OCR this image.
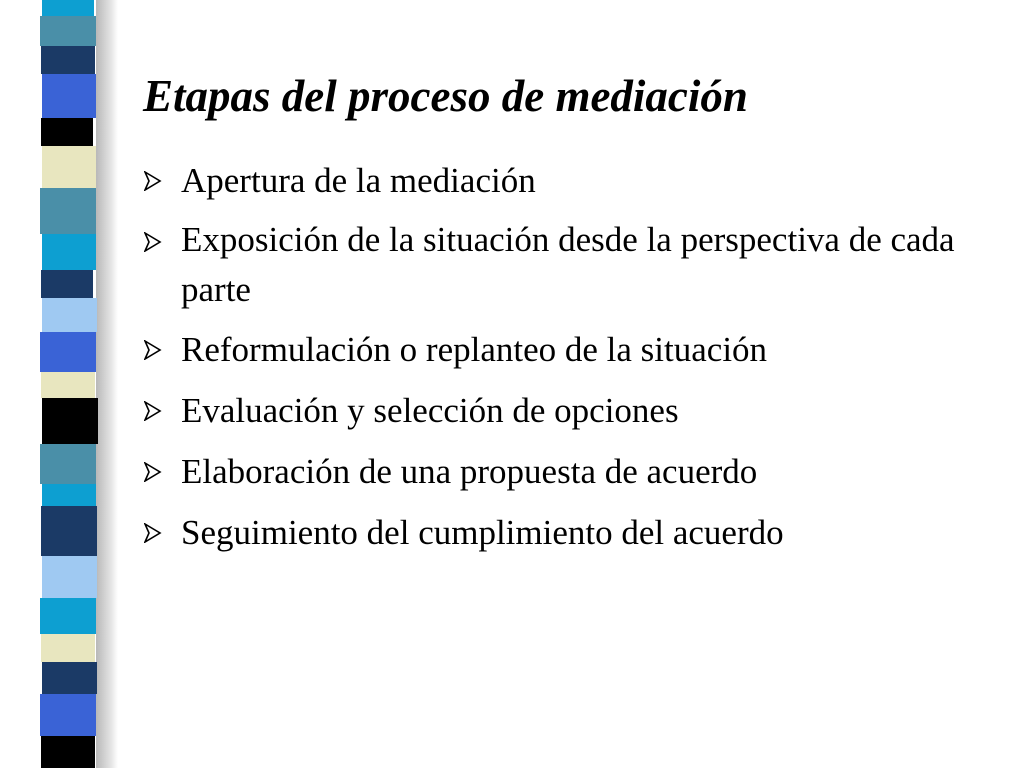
Etapas del proceso de mediación
Apertura de la mediación
Exposición de la situación desde la perspectiva de cada parte
Reformulación o replanteo de la situación
Evaluación y selección de opciones
Elaboración de una propuesta de acuerdo
Seguimiento del cumplimiento del acuerdo
